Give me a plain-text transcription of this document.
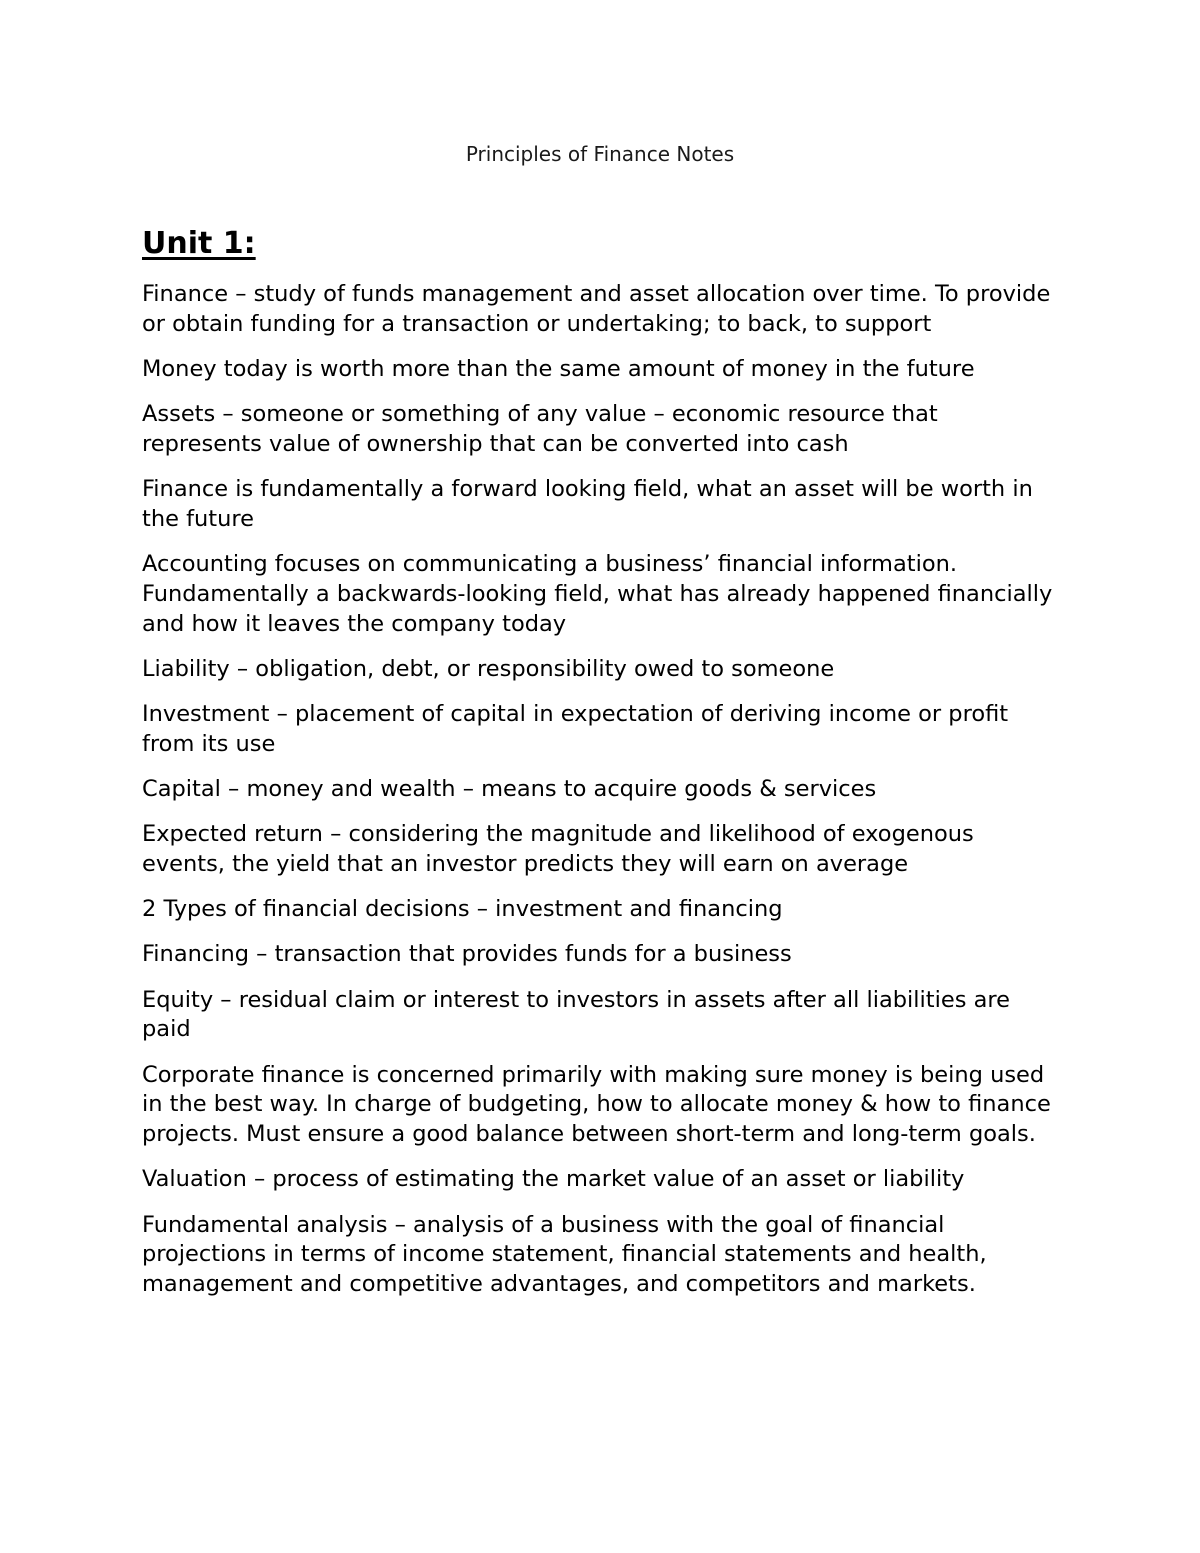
Principles of Finance Notes
Unit 1:

Finance – study of funds management and asset allocation over time. To provide or obtain funding for a transaction or undertaking; to back, to support

Money today is worth more than the same amount of money in the future

Assets – someone or something of any value – economic resource that represents value of ownership that can be converted into cash

Finance is fundamentally a forward looking field, what an asset will be worth in the future

Accounting focuses on communicating a business’ financial information. Fundamentally a backwards-looking field, what has already happened financially and how it leaves the company today

Liability – obligation, debt, or responsibility owed to someone

Investment – placement of capital in expectation of deriving income or profit from its use

Capital – money and wealth – means to acquire goods & services

Expected return – considering the magnitude and likelihood of exogenous events, the yield that an investor predicts they will earn on average

2 Types of financial decisions – investment and financing

Financing – transaction that provides funds for a business

Equity – residual claim or interest to investors in assets after all liabilities are paid

Corporate finance is concerned primarily with making sure money is being used in the best way. In charge of budgeting, how to allocate money & how to finance projects. Must ensure a good balance between short-term and long-term goals.

Valuation – process of estimating the market value of an asset or liability

Fundamental analysis – analysis of a business with the goal of financial projections in terms of income statement, financial statements and health, management and competitive advantages, and competitors and markets.
